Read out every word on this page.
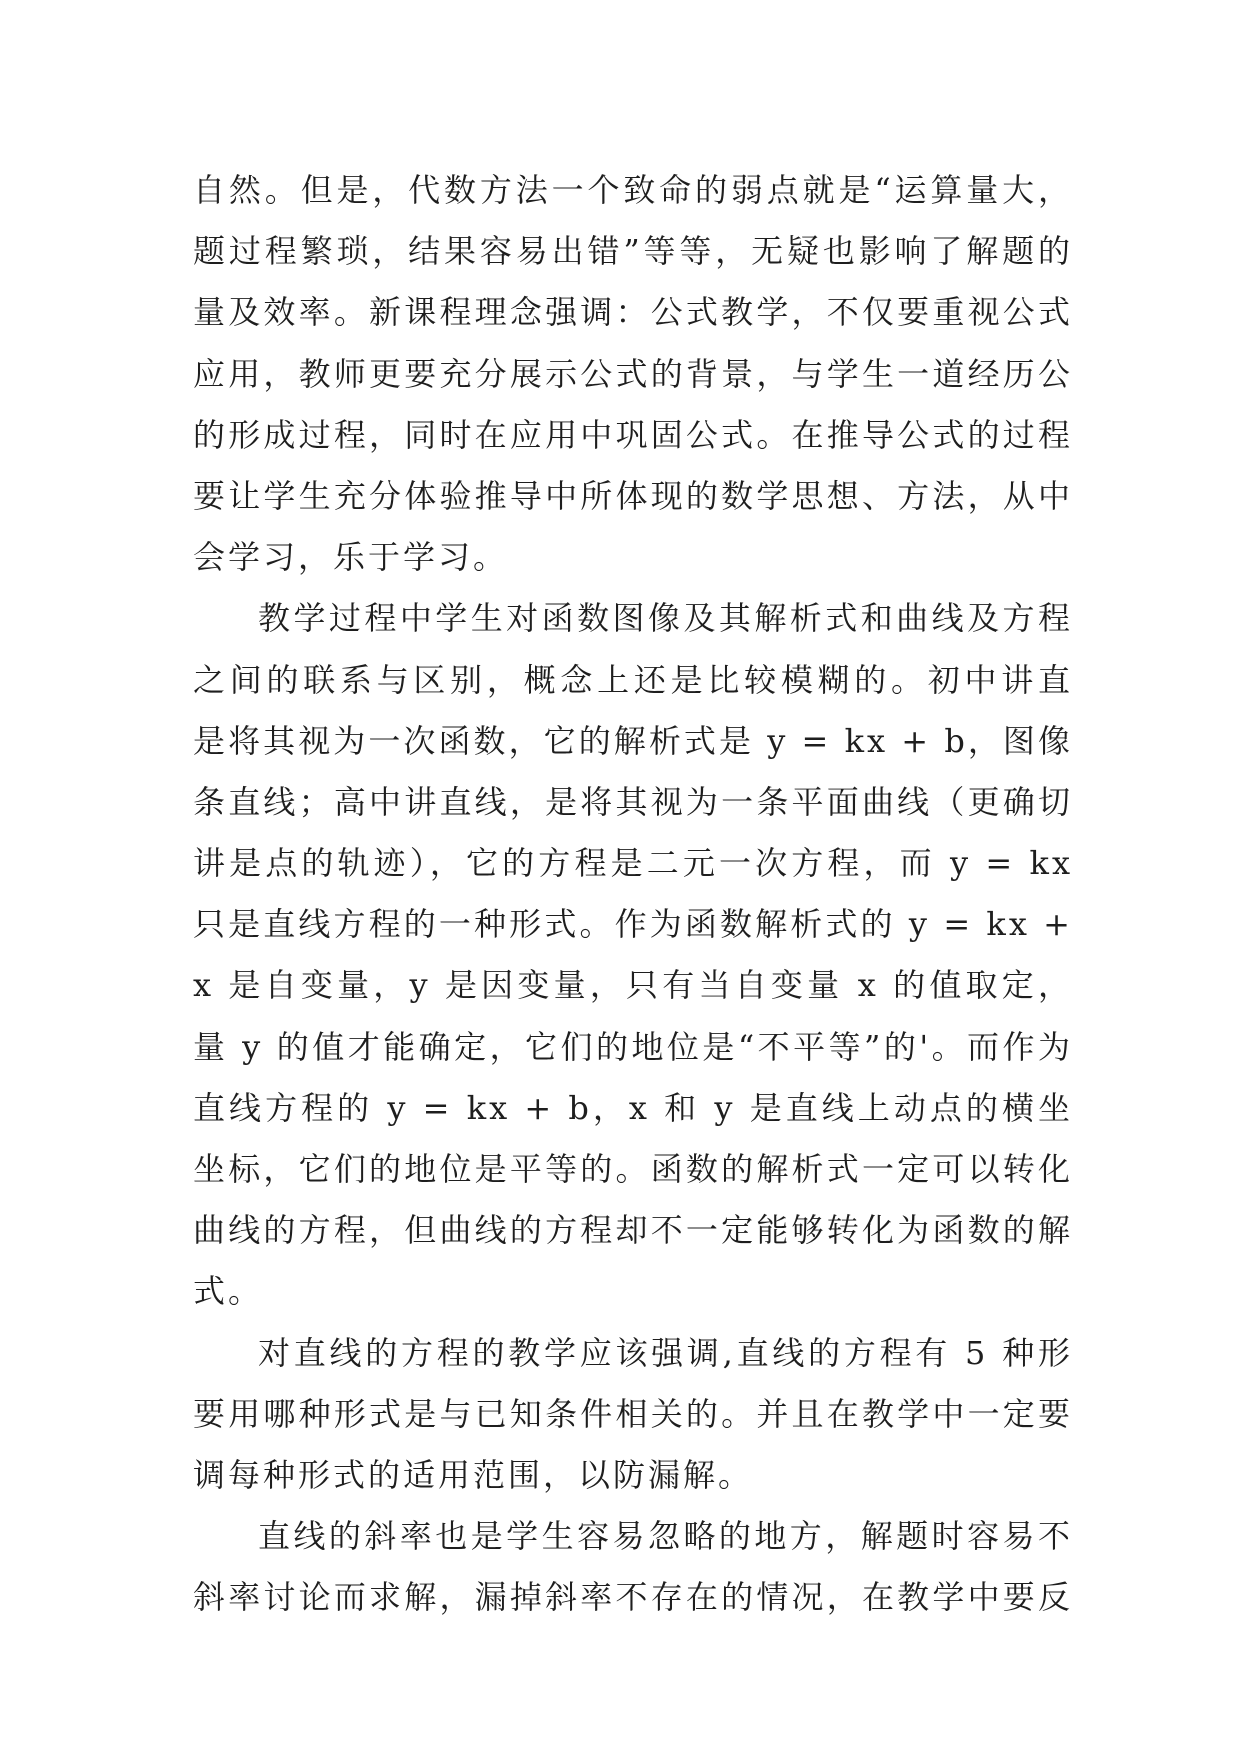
自然。但是，代数方法一个致命的弱点就是“运算量大，
题过程繁琐，结果容易出错”等等，无疑也影响了解题的
量及效率。新课程理念强调：公式教学，不仅要重视公式
应用，教师更要充分展示公式的背景，与学生一道经历公
的形成过程，同时在应用中巩固公式。在推导公式的过程
要让学生充分体验推导中所体现的数学思想、方法，从中
会学习，乐于学习。
教学过程中学生对函数图像及其解析式和曲线及方程
之间的联系与区别，概念上还是比较模糊的。初中讲直
是将其视为一次函数，它的解析式是 y = kx + b，图像
条直线；高中讲直线，是将其视为一条平面曲线（更确切
讲是点的轨迹），它的方程是二元一次方程，而 y = kx
只是直线方程的一种形式。作为函数解析式的 y = kx +
x 是自变量，y 是因变量，只有当自变量 x 的值取定，
量 y 的值才能确定，它们的地位是“不平等”的'。而作为
直线方程的 y = kx + b，x 和 y 是直线上动点的横坐
坐标，它们的地位是平等的。函数的解析式一定可以转化
曲线的方程，但曲线的方程却不一定能够转化为函数的解
式。
对直线的方程的教学应该强调,直线的方程有 5 种形
要用哪种形式是与已知条件相关的。并且在教学中一定要
调每种形式的适用范围，以防漏解。
直线的斜率也是学生容易忽略的地方，解题时容易不
斜率讨论而求解，漏掉斜率不存在的情况，在教学中要反
